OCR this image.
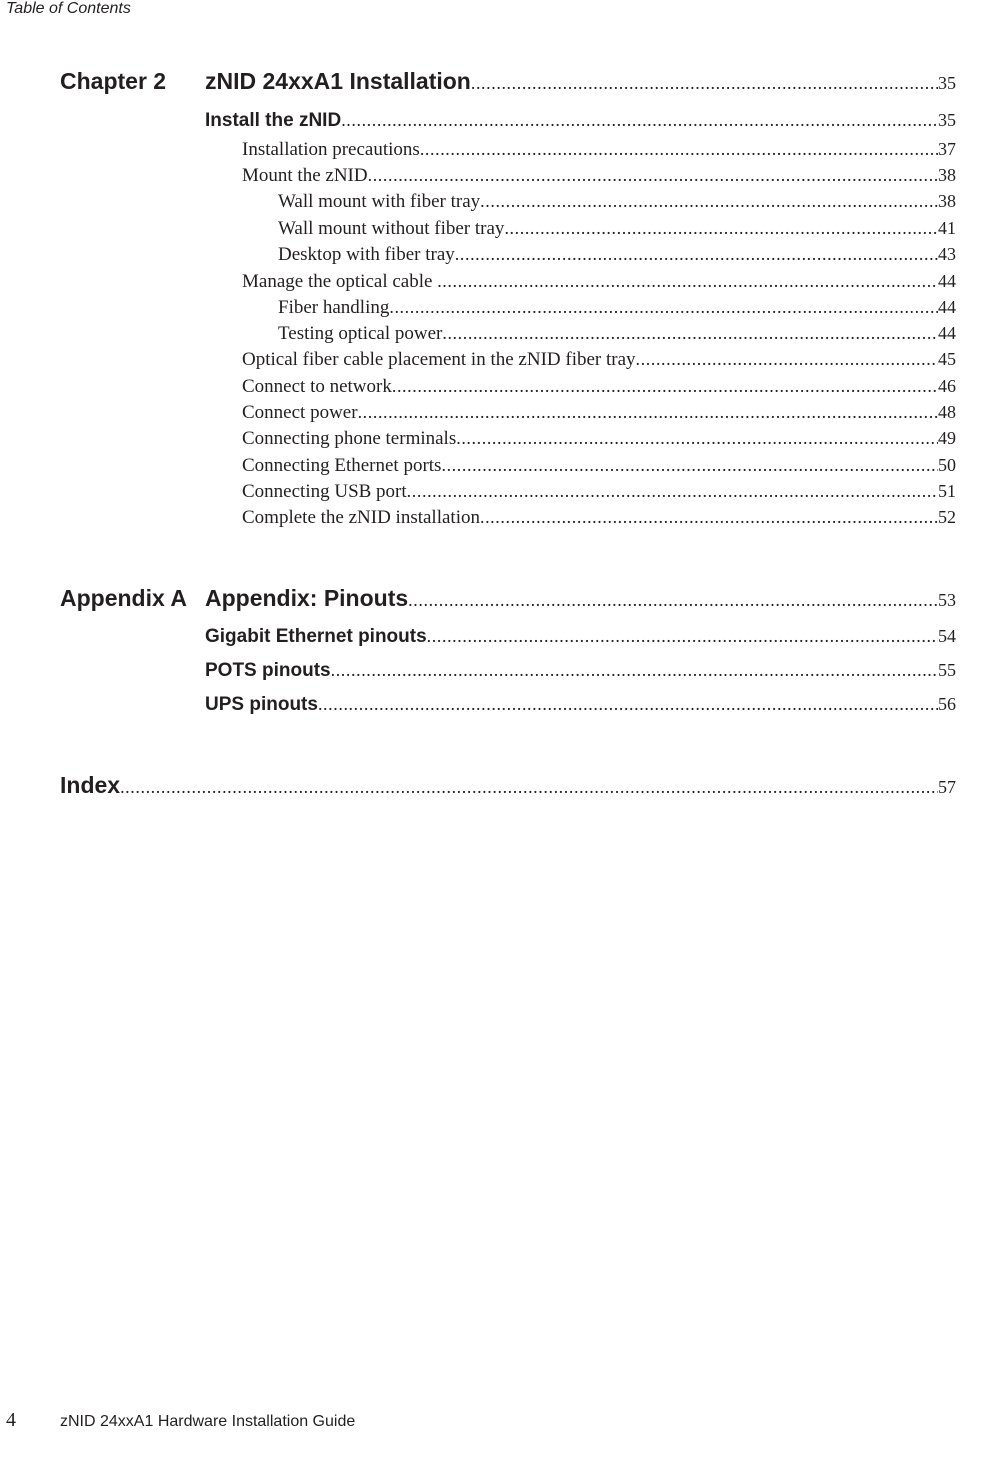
Table of Contents
Chapter 2 zNID 24xxA1 Installation .....	35
Install the zNID .....	35
Installation precautions .....	37
Mount the zNID .....	38
Wall mount with fiber tray .....	38
Wall mount without fiber tray .....	41
Desktop with fiber tray .....	43
Manage the optical cable .....	44
Fiber handling .....	44
Testing optical power .....	44
Optical fiber cable placement in the zNID fiber tray .....	45
Connect to network .....	46
Connect power .....	48
Connecting phone terminals .....	49
Connecting Ethernet ports .....	50
Connecting USB port .....	51
Complete the zNID installation .....	52
Appendix A Appendix: Pinouts .....	53
Gigabit Ethernet pinouts .....	54
POTS pinouts .....	55
UPS pinouts .....	56
Index .....	57
4	zNID 24xxA1 Hardware Installation Guide
